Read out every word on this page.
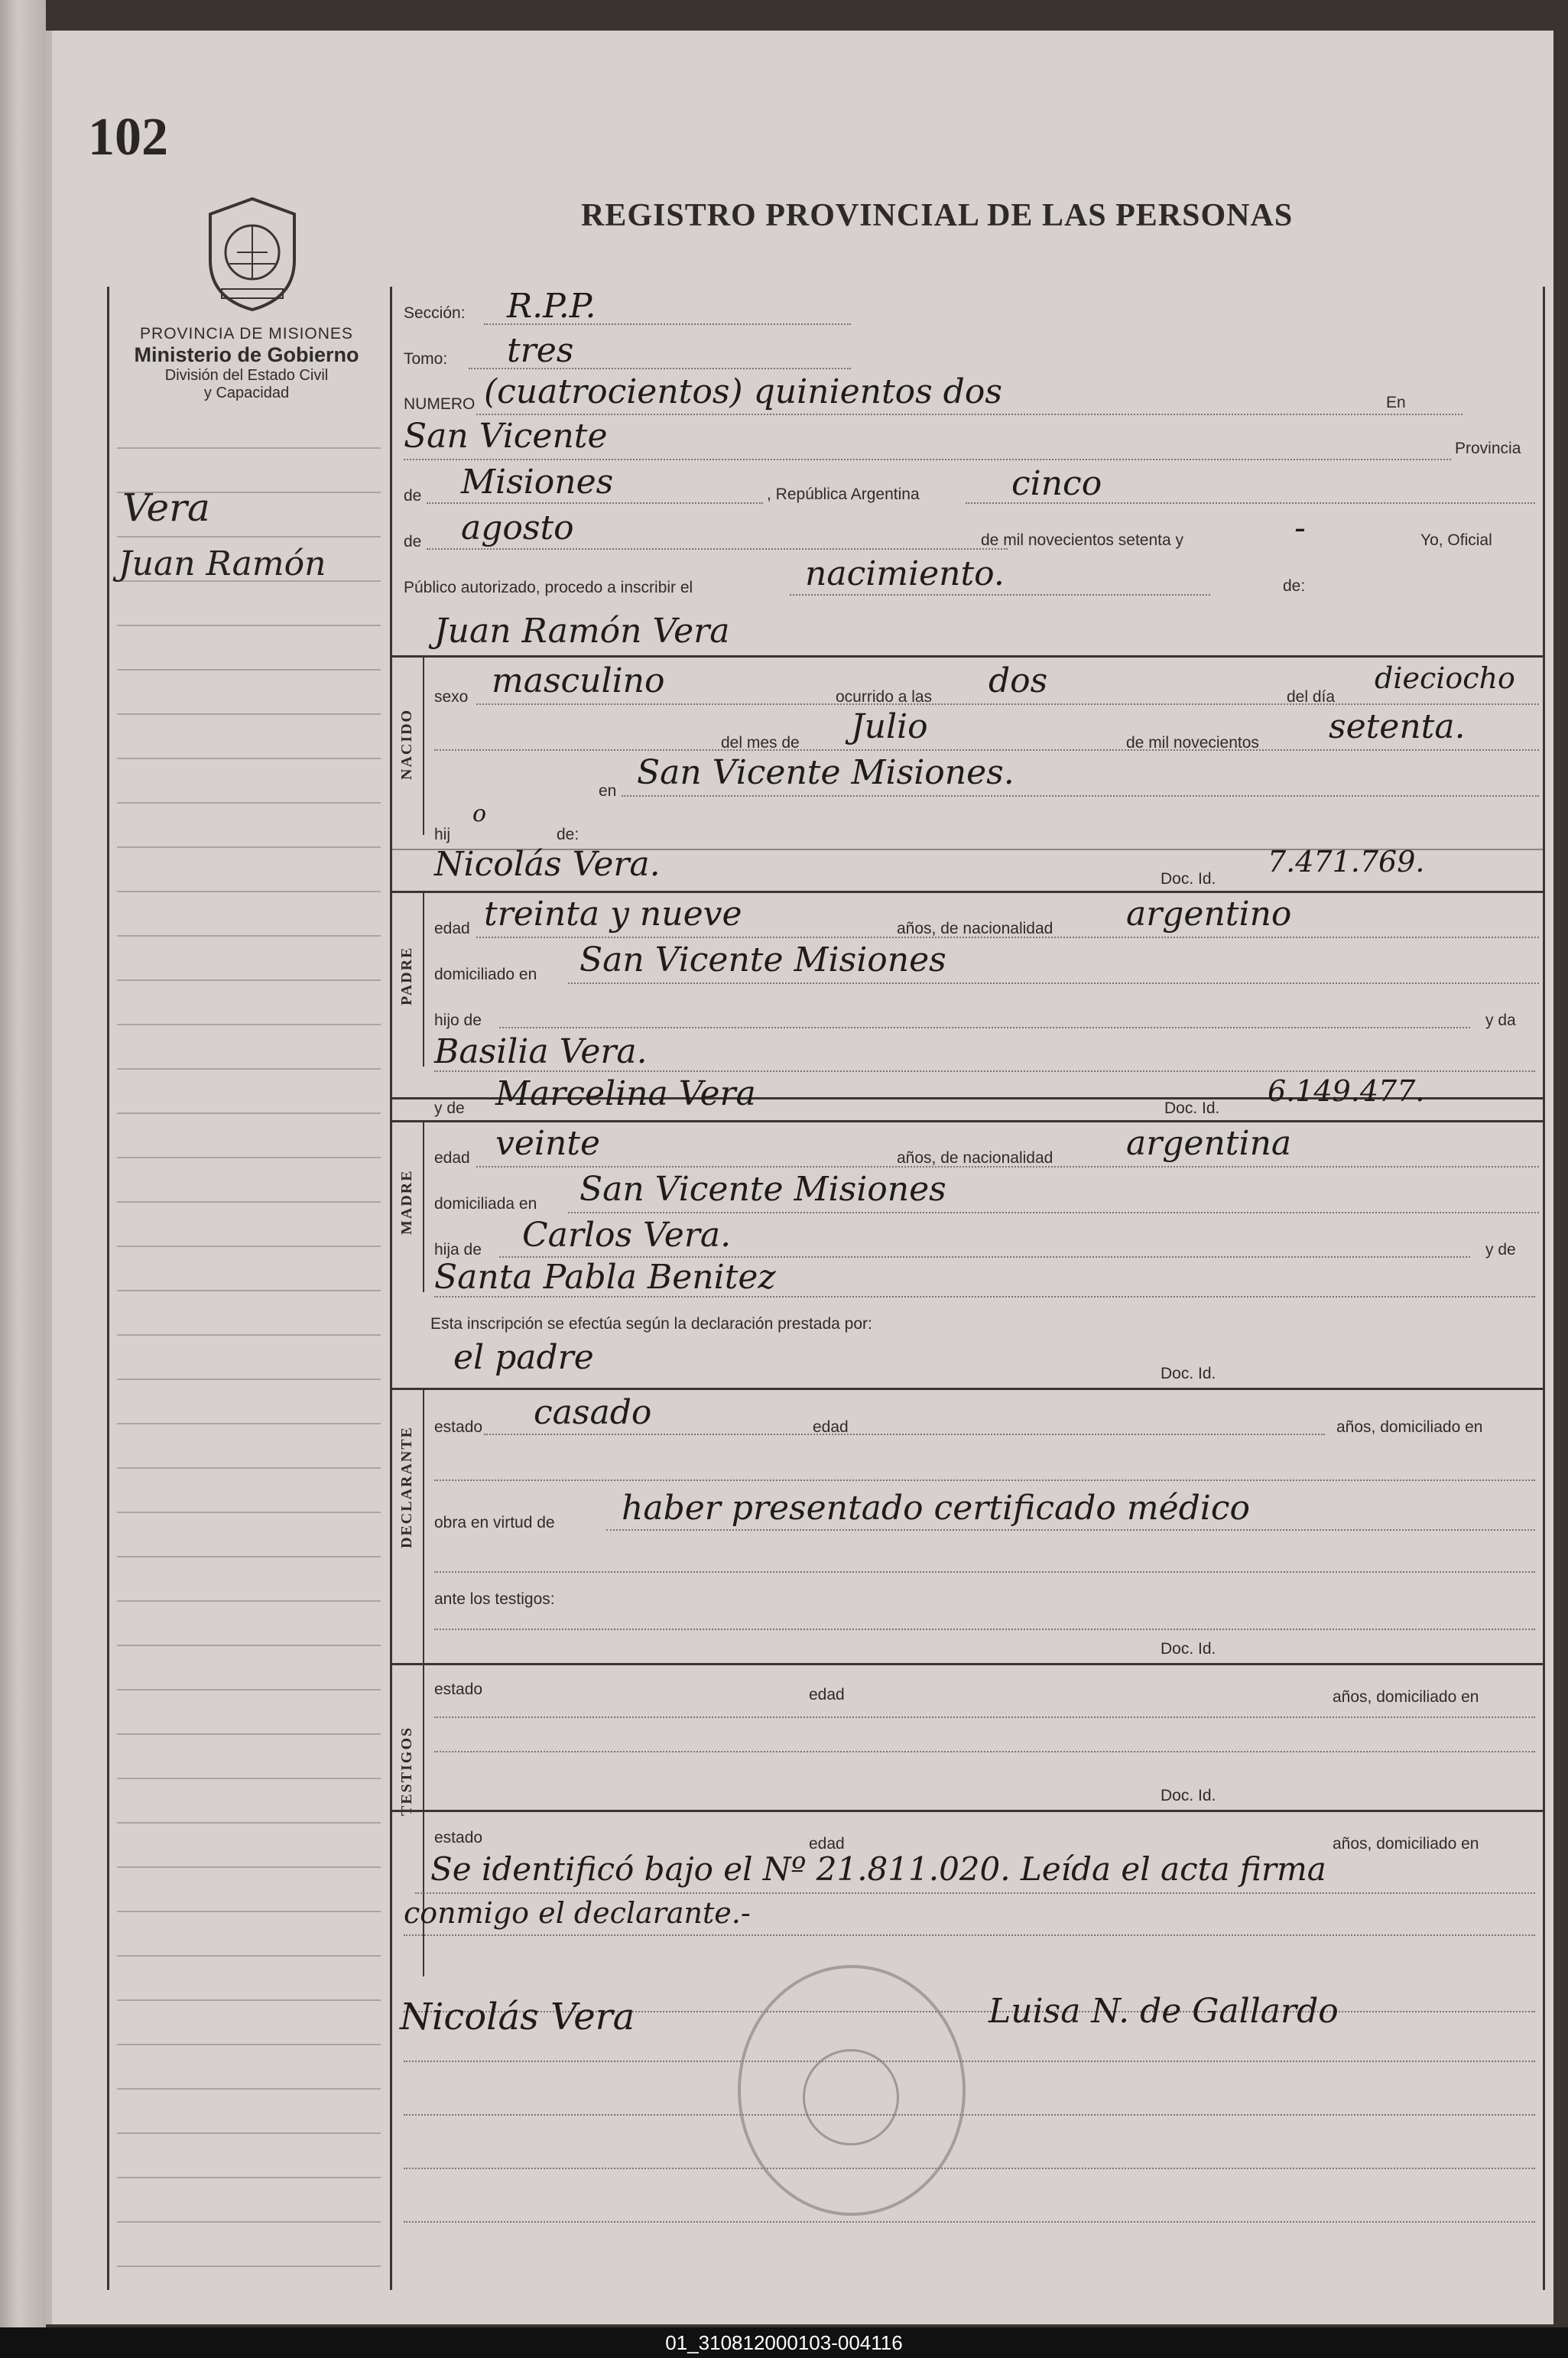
102
REGISTRO PROVINCIAL DE LAS PERSONAS
PROVINCIA DE MISIONES
Ministerio de Gobierno
División del Estado Civil
y Capacidad
Vera
Juan Ramón
Sección: R.P.P.
Tomo: tres
NUMERO (cuatrocientos) quinientos dos	En
San Vicente	Provincia
de Misiones	, República Argentina	cinco
de agosto	de mil novecientos setenta y	-	Yo, Oficial
Público autorizado, procedo a inscribir el	nacimiento.	de:
Juan Ramón Vera
NACIDO
sexo masculino	ocurrido a las dos	del día
dieciocho
del mes de Julio	de mil novecientos setenta.
en San Vicente Misiones.
hij
o
de:
Nicolás Vera.	Doc. Id.
7.471.769.
PADRE
edad treinta y nueve	años, de nacionalidad argentino
domiciliado en San Vicente Misiones
hijo de	y da
Basilia Vera.
y de Marcelina Vera	Doc. Id.
6.149.477.
MADRE
edad veinte	años, de nacionalidad argentina
domiciliada en San Vicente Misiones
hija de Carlos Vera.	y de
Santa Pabla Benitez
Esta inscripción se efectúa según la declaración prestada por:
el padre	Doc. Id.
DECLARANTE estado casado	edad	años, domiciliado en
obra en virtud de haber presentado certificado médico
ante los testigos:
Doc. Id.
TESTIGOS
estado	edad	años, domiciliado en
Doc. Id.
estado	edad	años, domiciliado en
Se identificó bajo el Nº 21.811.020. Leída el acta firma
conmigo el declarante.-
Nicolás Vera	Luisa N. de Gallardo
01_310812000103-004116
